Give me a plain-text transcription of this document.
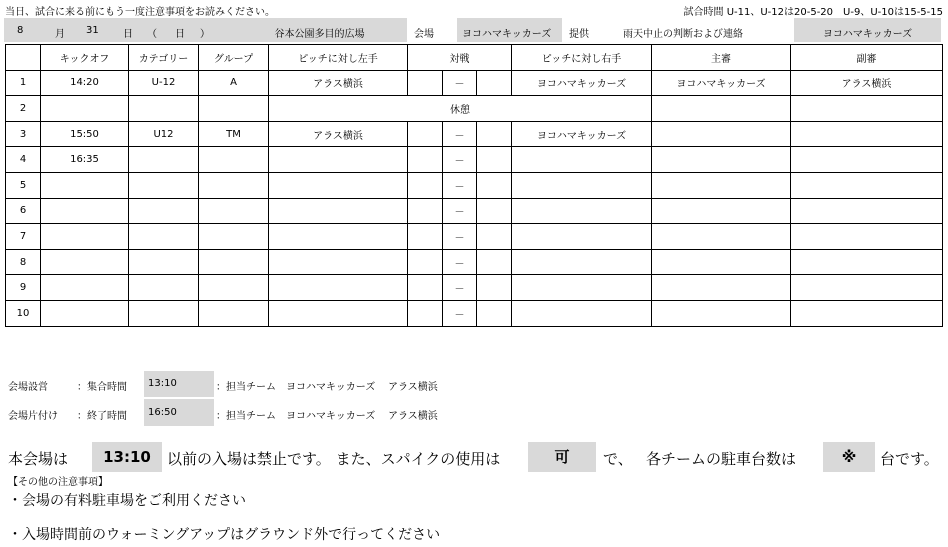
当日、試合に来る前にもう一度注意事項をお読みください。	試合時間 U-11、U-12は20-5-20　U-9、U-10は15-5-15
8	月 31 日 （ 日 ）	谷本公園多目的広場	会場	ヨコハマキッカーズ 提供	雨天中止の判断および連絡	ヨコハマキッカーズ
	キックオフ	カテゴリー	グループ	ピッチに対し左手	対戦			ピッチに対し右手	主審	副審
1	14:20	U-12	A	アラス横浜		－		ヨコハマキッカーズ	ヨコハマキッカーズ	アラス横浜
2				休憩						
3	15:50	U12	TM	アラス横浜		－		ヨコハマキッカーズ		
4	16:35					－				
5						－				
6						－				
7						－				
8						－				
9						－				
10						－				
会場設営	：集合時間 13:10	：担当チーム ヨコハマキッカーズ アラス横浜
会場片付け ：終了時間 16:50	：担当チーム ヨコハマキッカーズ アラス横浜
本会場は	13:10	以前の入場は禁止です。 また、スパイクの使用は	可	で、 各チームの駐車台数は	※	台です。
【その他の注意事項】
・会場の有料駐車場をご利用ください
・入場時間前のウォーミングアップはグラウンド外で行ってください
